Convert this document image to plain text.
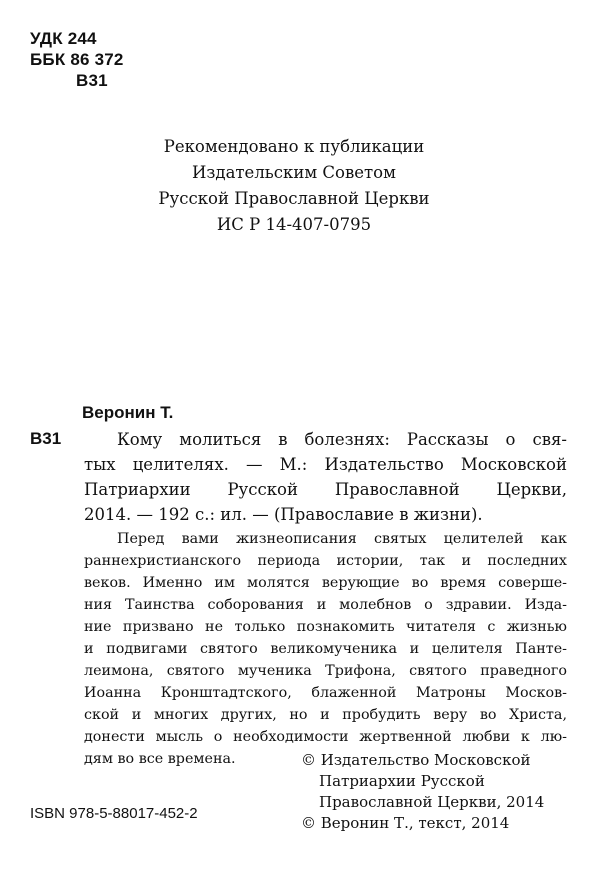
УДК 244
ББК 86 372
В31
Рекомендовано к публикации
Издательским Советом
Русской Православной Церкви
ИС Р 14-407-0795
Веронин Т.
В31	Кому молиться в болезнях: Рассказы о свя-
тых целителях. — М.: Издательство Московской
Патриархии Русской Православной Церкви,
2014. — 192 с.: ил. — (Православие в жизни).
Перед вами жизнеописания святых целителей как
раннехристианского периода истории, так и последних
веков. Именно им молятся верующие во время соверше-
ния Таинства соборования и молебнов о здравии. Изда-
ние призвано не только познакомить читателя с жизнью
и подвигами святого великомученика и целителя Панте-
леимона, святого мученика Трифона, святого праведного
Иоанна Кронштадтского, блаженной Матроны Москов-
ской и многих других, но и пробудить веру во Христа,
донести мысль о необходимости жертвенной любви к лю-
дям во все времена.	© Издательство Московской
Патриархии Русской
Православной Церкви, 2014
© Веронин Т., текст, 2014
ISBN 978-5-88017-452-2
